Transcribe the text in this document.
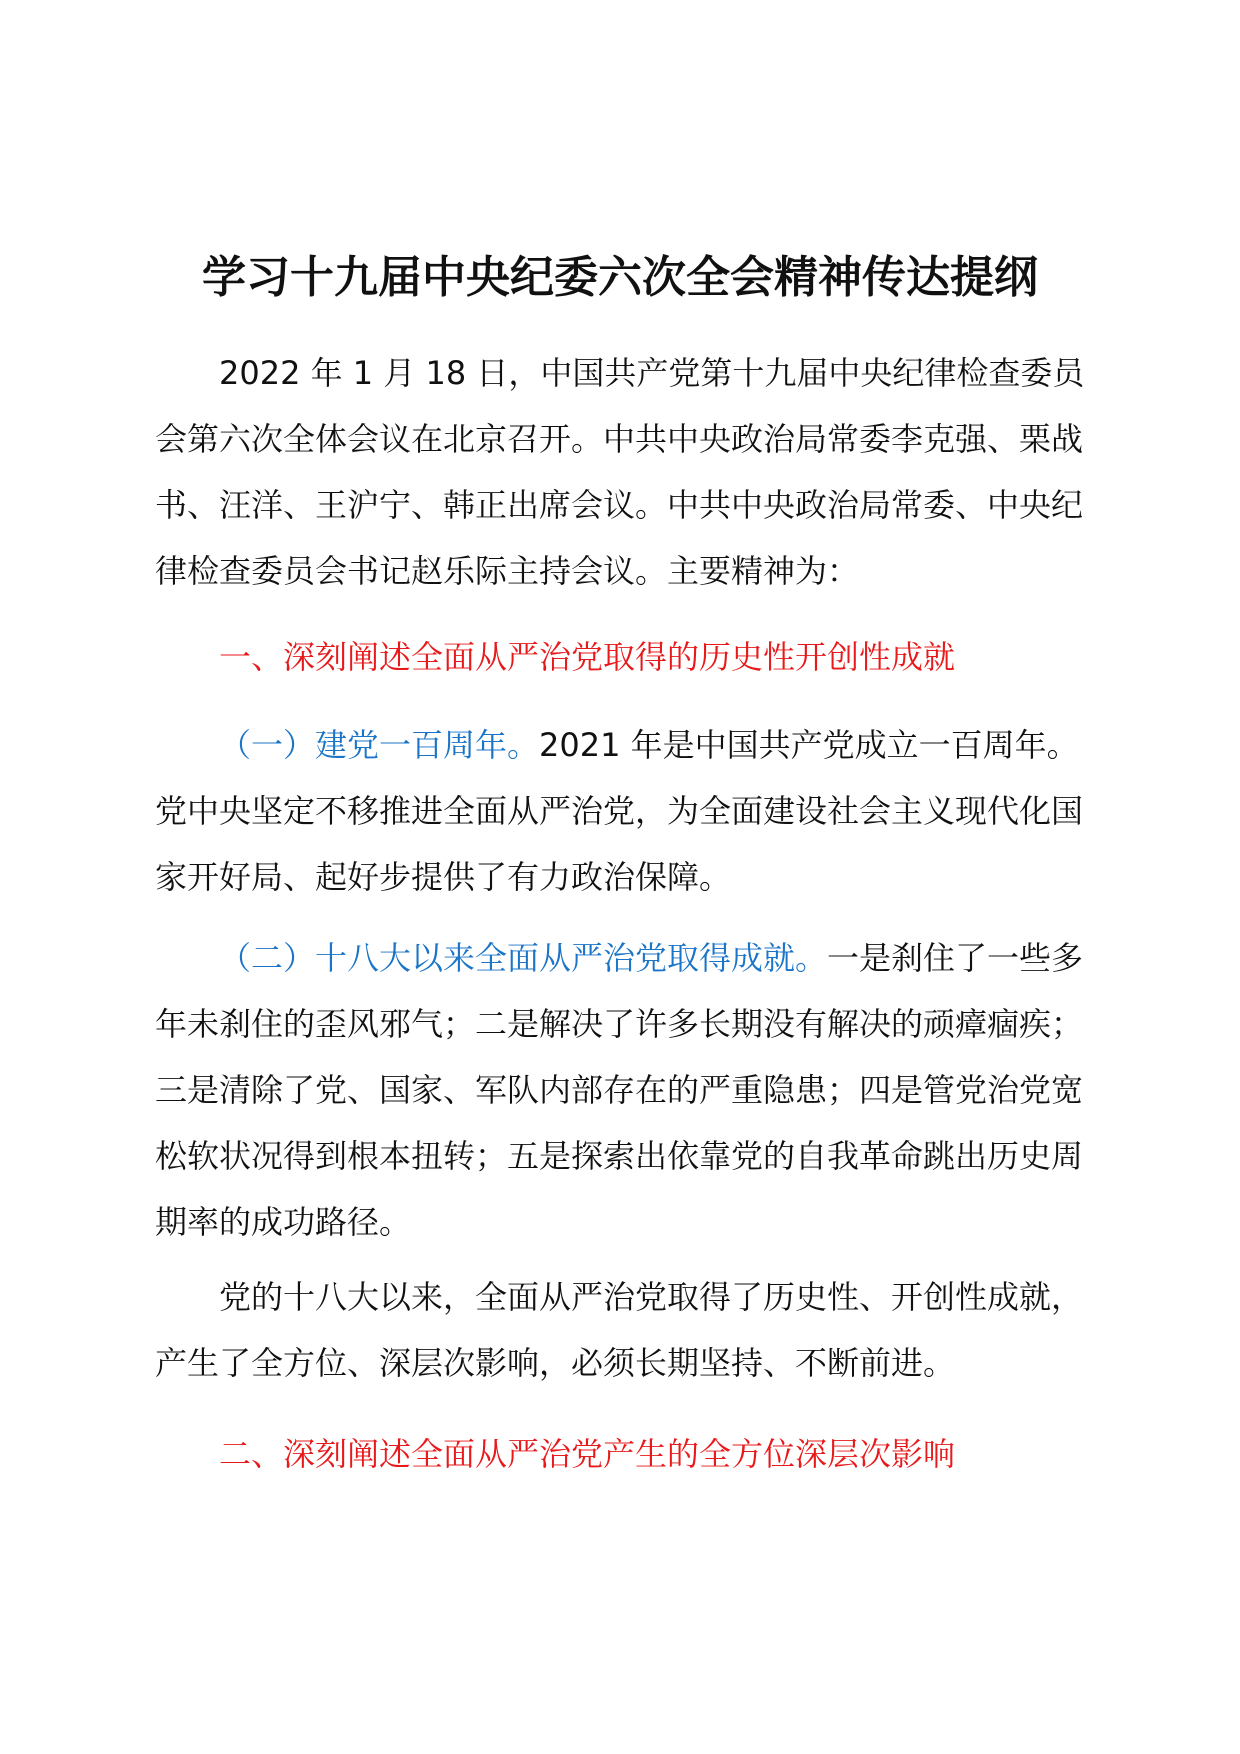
学习十九届中央纪委六次全会精神传达提纲

2022 年 1 月 18 日，中国共产党第十九届中央纪律检查委员会第六次全体会议在北京召开。中共中央政治局常委李克强、栗战书、汪洋、王沪宁、韩正出席会议。中共中央政治局常委、中央纪律检查委员会书记赵乐际主持会议。主要精神为：

一、深刻阐述全面从严治党取得的历史性开创性成就

（一）建党一百周年。2021 年是中国共产党成立一百周年。党中央坚定不移推进全面从严治党，为全面建设社会主义现代化国家开好局、起好步提供了有力政治保障。

（二）十八大以来全面从严治党取得成就。一是刹住了一些多年未刹住的歪风邪气；二是解决了许多长期没有解决的顽瘴痼疾；三是清除了党、国家、军队内部存在的严重隐患；四是管党治党宽松软状况得到根本扭转；五是探索出依靠党的自我革命跳出历史周期率的成功路径。

党的十八大以来，全面从严治党取得了历史性、开创性成就，产生了全方位、深层次影响，必须长期坚持、不断前进。

二、深刻阐述全面从严治党产生的全方位深层次影响
